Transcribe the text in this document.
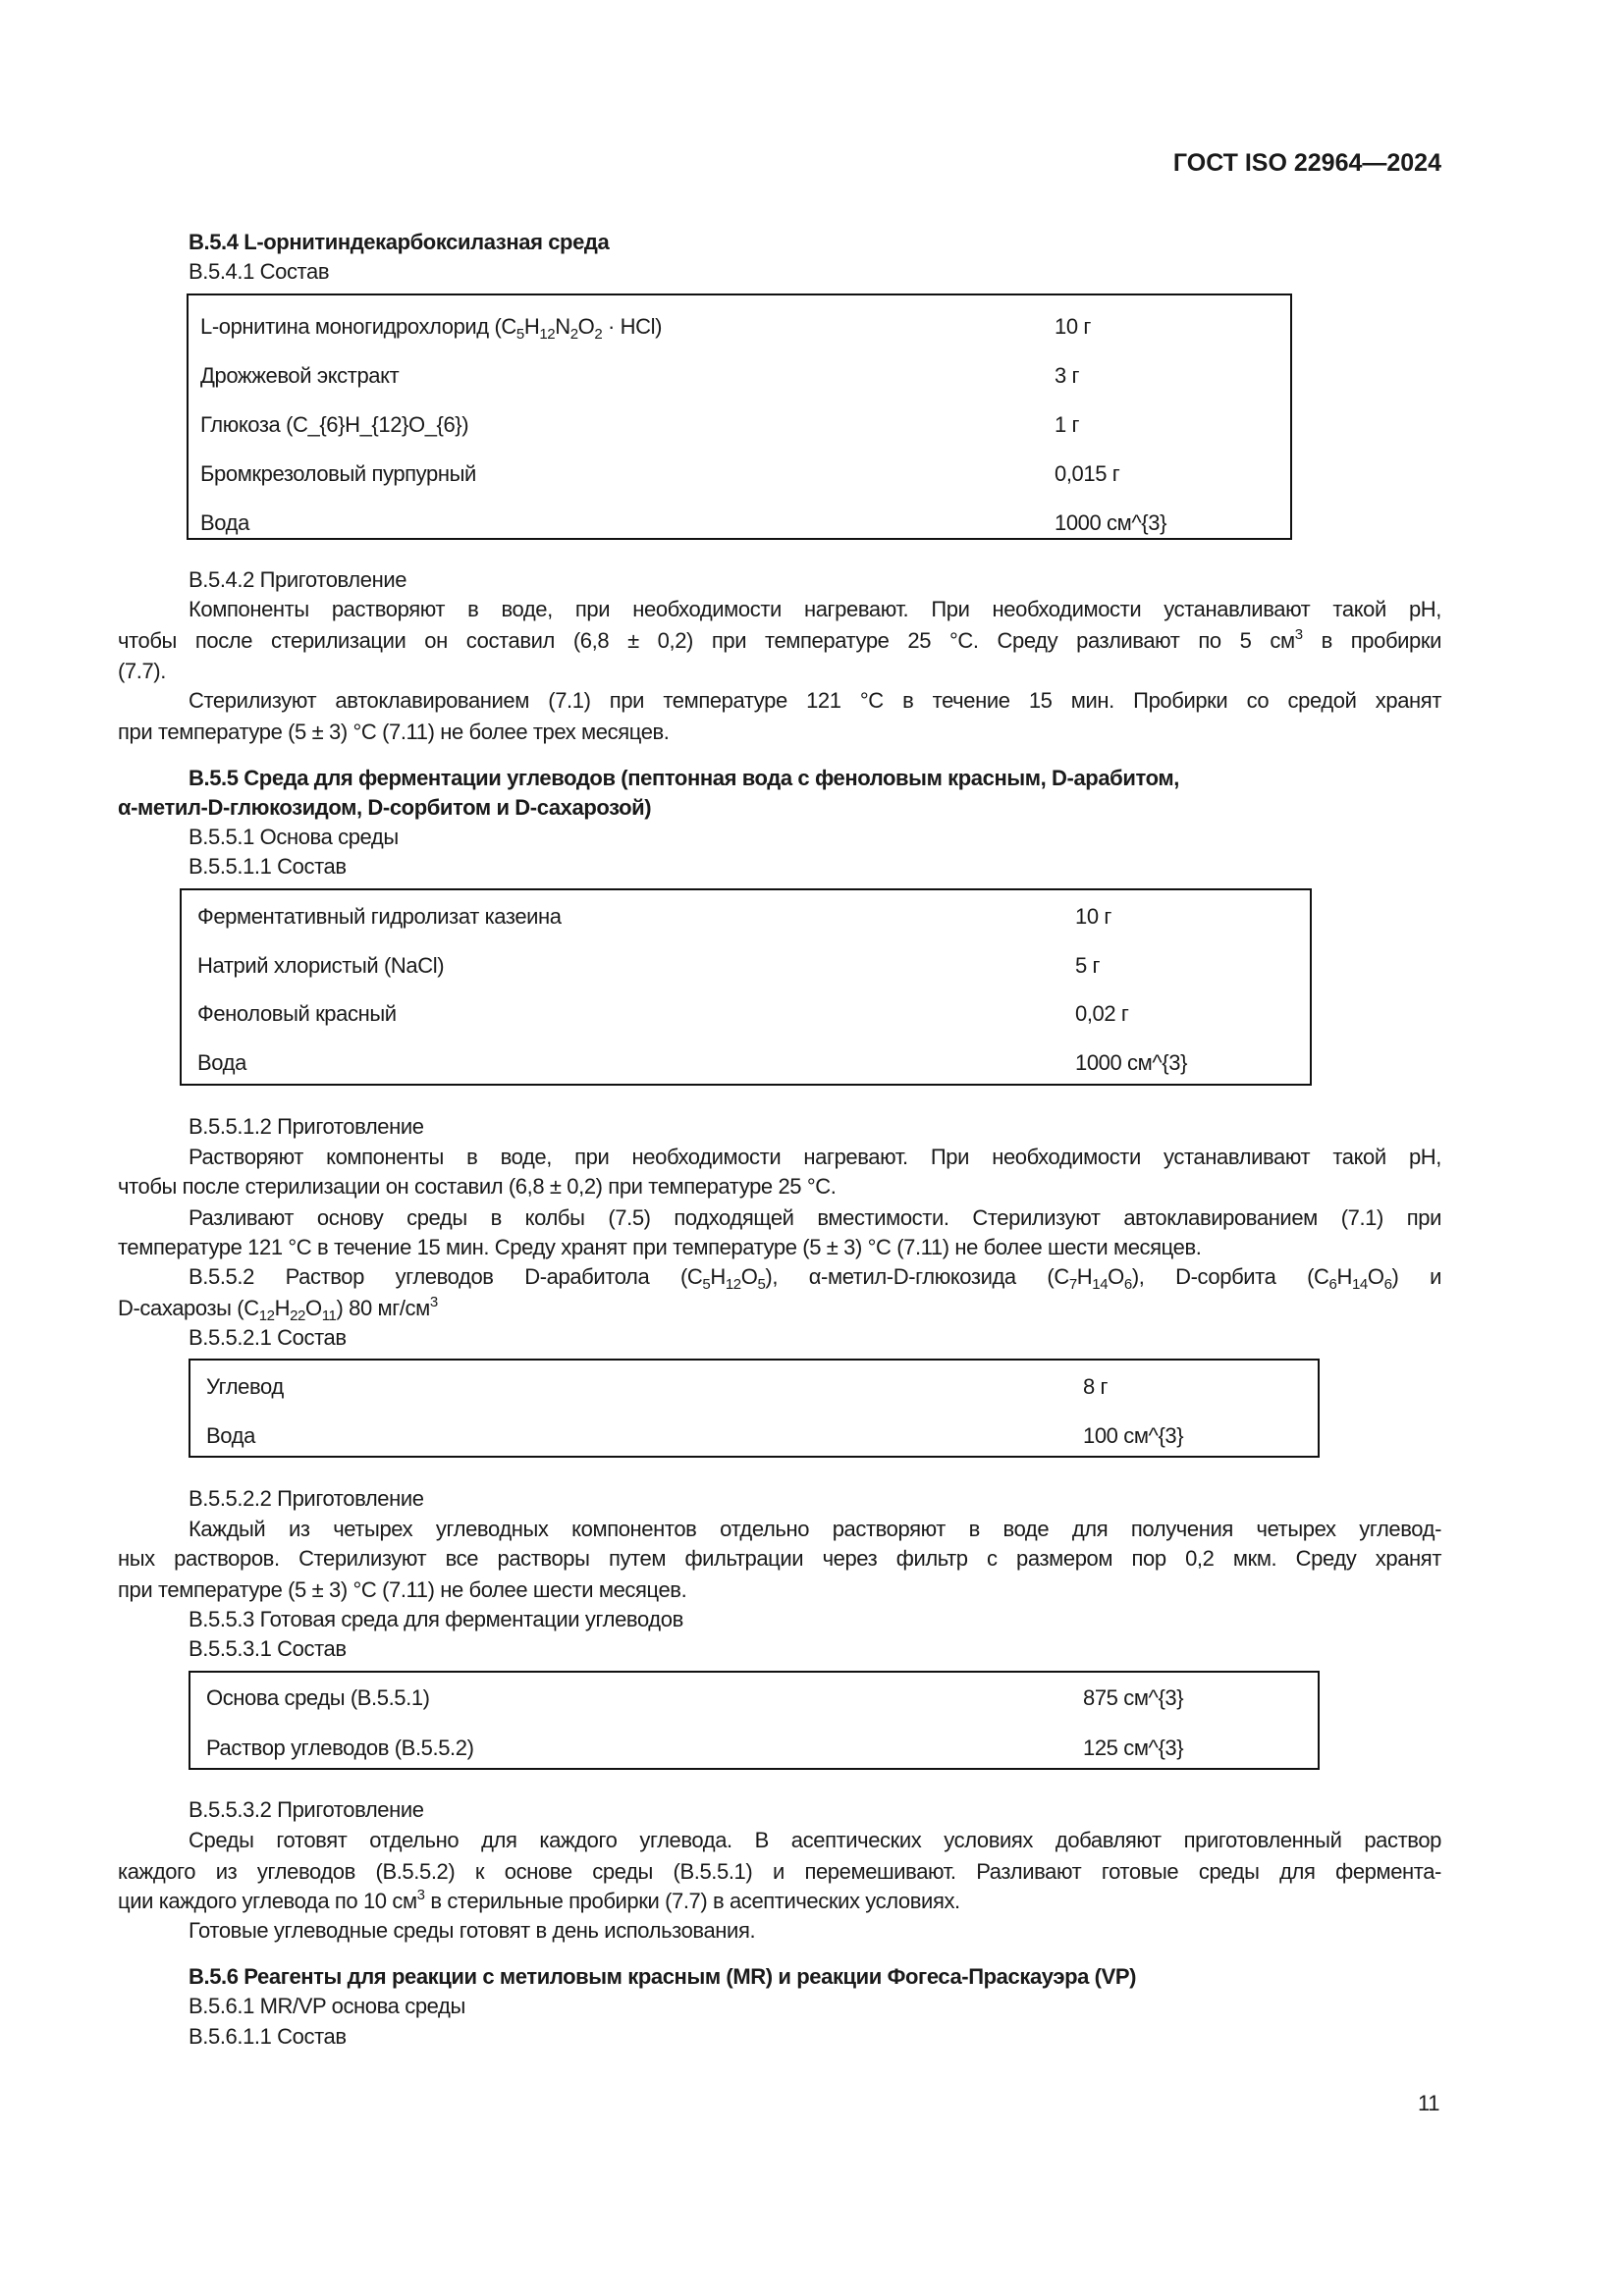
ГОСТ ISO 22964—2024
B.5.4 L-орнитиндекарбоксилазная среда
B.5.4.1 Состав
L-орнитина моногидрохлорид $(C_5H_{12}N_2O_2 \cdot HCl)$	10 г
Дрожжевой экстракт	3 г
Глюкоза (C_{6}H_{12}O_{6})	1 г
Бромкрезоловый пурпурный	0,015 г
Вода	1000 см^{3}
B.5.4.2 Приготовление
Компоненты растворяют в воде, при необходимости нагревают. При необходимости устанавливают такой pH,
чтобы после стерилизации он составил (6,8 ± 0,2) при температуре 25 °C. Среду разливают по 5 $см^3$ в пробирки
(7.7).
Стерилизуют автоклавированием (7.1) при температуре 121 °C в течение 15 мин. Пробирки со средой хранят
при температуре (5 ± 3) °C (7.11) не более трех месяцев.
B.5.5 Среда для ферментации углеводов (пептонная вода с феноловым красным, D-арабитом,
α-метил-D-глюкозидом, D-сорбитом и D-сахарозой)
B.5.5.1 Основа среды
B.5.5.1.1 Состав
Ферментативный гидролизат казеина	10 г
Натрий хлористый (NaCl)	5 г
Феноловый красный	0,02 г
Вода	1000 см^{3}
B.5.5.1.2 Приготовление
Растворяют компоненты в воде, при необходимости нагревают. При необходимости устанавливают такой pH,
чтобы после стерилизации он составил (6,8 ± 0,2) при температуре 25 °C.
Разливают основу среды в колбы (7.5) подходящей вместимости. Стерилизуют автоклавированием (7.1) при
температуре 121 °C в течение 15 мин. Среду хранят при температуре (5 ± 3) °C (7.11) не более шести месяцев.
B.5.5.2 Раствор углеводов D-арабитола $(C_5H_{12}O_5)$, α-метил-D-глюкозида $(C_7H_{14}O_6)$, D-сорбита $(C_6H_{14}O_6)$ и
D-сахарозы $(C_{12}H_{22}O_{11})$ 80 $мг/см^3$
B.5.5.2.1 Состав
Углевод	8 г
Вода	100 см^{3}
B.5.5.2.2 Приготовление
Каждый из четырех углеводных компонентов отдельно растворяют в воде для получения четырех углевод-
ных растворов. Стерилизуют все растворы путем фильтрации через фильтр с размером пор 0,2 мкм. Среду хранят
при температуре (5 ± 3) °C (7.11) не более шести месяцев.
B.5.5.3 Готовая среда для ферментации углеводов
B.5.5.3.1 Состав
Основа среды (B.5.5.1)	875 см^{3}
Раствор углеводов (B.5.5.2)	125 см^{3}
B.5.5.3.2 Приготовление
Среды готовят отдельно для каждого углевода. В асептических условиях добавляют приготовленный раствор
каждого из углеводов (B.5.5.2) к основе среды (B.5.5.1) и перемешивают. Разливают готовые среды для фермента-
ции каждого углевода по 10 $см^3$ в стерильные пробирки (7.7) в асептических условиях.
Готовые углеводные среды готовят в день использования.
B.5.6 Реагенты для реакции с метиловым красным (MR) и реакции Фогеса-Праскауэра (VP)
B.5.6.1 MR/VP основа среды
B.5.6.1.1 Состав
11
